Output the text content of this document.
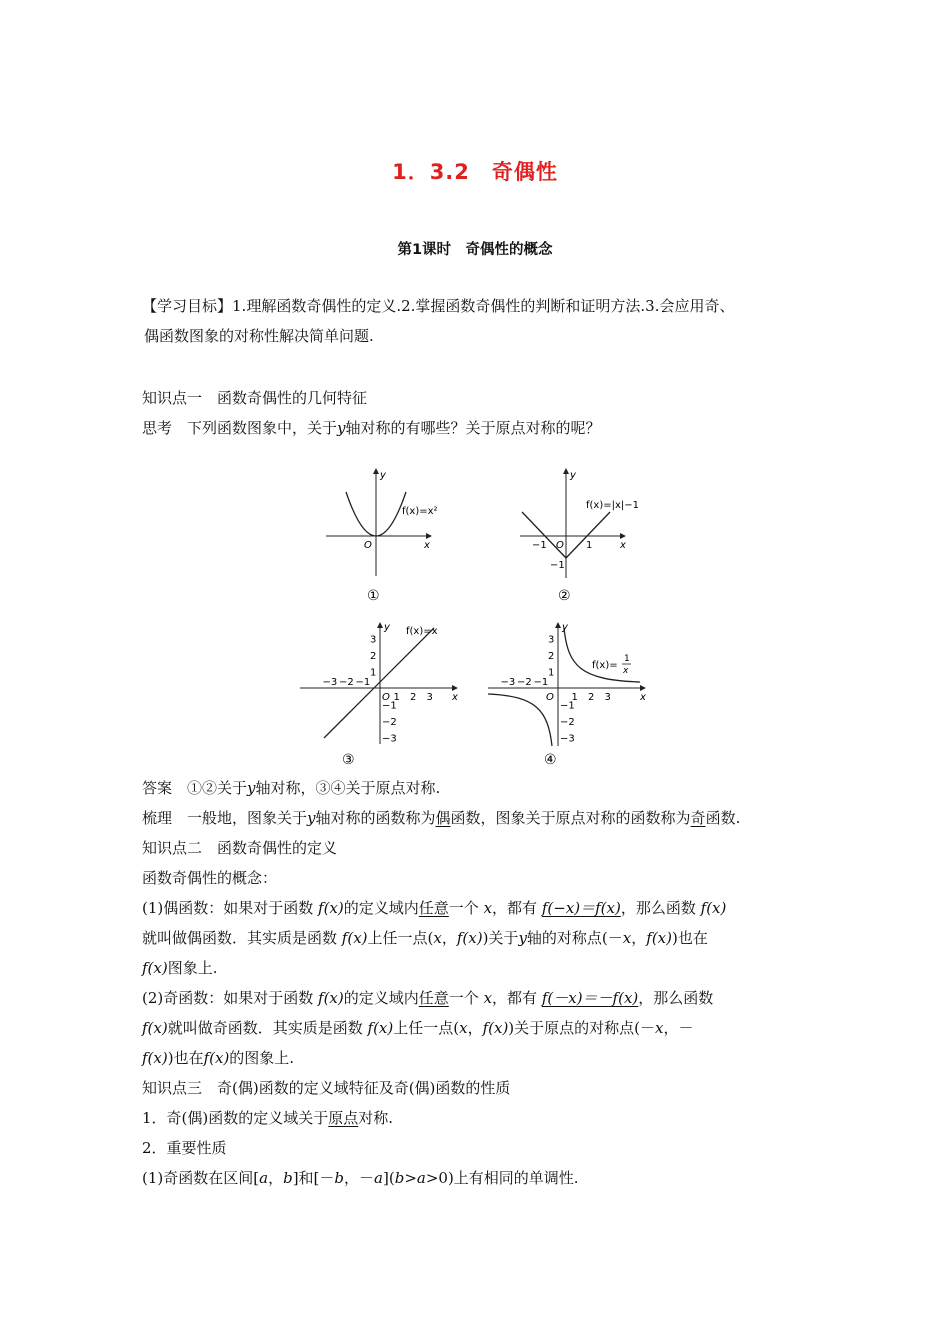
1．3.2　奇偶性
第1课时　奇偶性的概念
【学习目标】1.理解函数奇偶性的定义.2.掌握函数奇偶性的判断和证明方法.3.会应用奇、
偶函数图象的对称性解决简单问题.
知识点一　函数奇偶性的几何特征
思考　下列函数图象中，关于y轴对称的有哪些？关于原点对称的呢？
y
x
O
f(x)=x²
①
y
x
O
−1	1
−1
f(x)=|x|−1
②
−3 −2 −1
1 2 3
3
2
1
−1
−2
−3
y
x
O
f(x)=x
③
−3 −2 −1
1 2 3
3
2
1
−1
−2
−3
y
x
O
f(x)=
1
x
④
答案　①②关于y轴对称，③④关于原点对称.
梳理　一般地，图象关于y轴对称的函数称为偶函数，图象关于原点对称的函数称为奇函数.
知识点二　函数奇偶性的定义
函数奇偶性的概念：
(1)偶函数：如果对于函数 f(x)的定义域内任意一个 x，都有 f(−x)＝f(x)，那么函数 f(x)
就叫做偶函数．其实质是函数 f(x)上任一点(x，f(x))关于y轴的对称点(－x，f(x))也在
f(x)图象上.
(2)奇函数：如果对于函数 f(x)的定义域内任意一个 x，都有 f(－x)＝－f(x)，那么函数
f(x)就叫做奇函数．其实质是函数 f(x)上任一点(x，f(x))关于原点的对称点(－x，－
f(x))也在f(x)的图象上.
知识点三　奇(偶)函数的定义域特征及奇(偶)函数的性质
1．奇(偶)函数的定义域关于原点对称.
2．重要性质
(1)奇函数在区间[a，b]和[－b，－a](b>a>0)上有相同的单调性.
